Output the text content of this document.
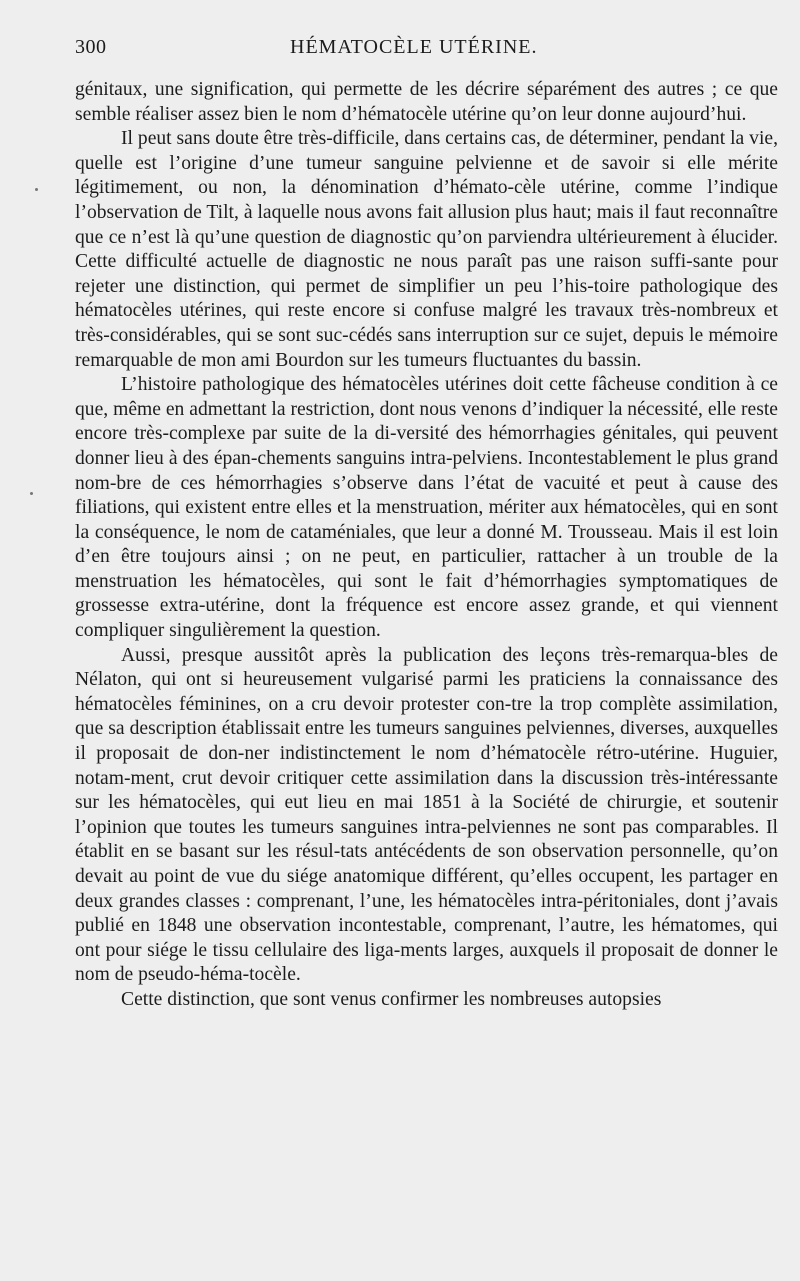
300	HÉMATOCÈLE UTÉRINE.

génitaux, une signification, qui permette de les décrire séparément des autres ; ce que semble réaliser assez bien le nom d’hématocèle utérine qu’on leur donne aujourd’hui.

Il peut sans doute être très-difficile, dans certains cas, de déterminer, pendant la vie, quelle est l’origine d’une tumeur sanguine pelvienne et de savoir si elle mérite légitimement, ou non, la dénomination d’hémato-cèle utérine, comme l’indique l’observation de Tilt, à laquelle nous avons fait allusion plus haut; mais il faut reconnaître que ce n’est là qu’une question de diagnostic qu’on parviendra ultérieurement à élucider. Cette difficulté actuelle de diagnostic ne nous paraît pas une raison suffi-sante pour rejeter une distinction, qui permet de simplifier un peu l’his-toire pathologique des hématocèles utérines, qui reste encore si confuse malgré les travaux très-nombreux et très-considérables, qui se sont suc-cédés sans interruption sur ce sujet, depuis le mémoire remarquable de mon ami Bourdon sur les tumeurs fluctuantes du bassin.

L’histoire pathologique des hématocèles utérines doit cette fâcheuse condition à ce que, même en admettant la restriction, dont nous venons d’indiquer la nécessité, elle reste encore très-complexe par suite de la di-versité des hémorrhagies génitales, qui peuvent donner lieu à des épan-chements sanguins intra-pelviens. Incontestablement le plus grand nom-bre de ces hémorrhagies s’observe dans l’état de vacuité et peut à cause des filiations, qui existent entre elles et la menstruation, mériter aux hématocèles, qui en sont la conséquence, le nom de cataméniales, que leur a donné M. Trousseau. Mais il est loin d’en être toujours ainsi ; on ne peut, en particulier, rattacher à un trouble de la menstruation les hématocèles, qui sont le fait d’hémorrhagies symptomatiques de grossesse extra-utérine, dont la fréquence est encore assez grande, et qui viennent compliquer singulièrement la question.

Aussi, presque aussitôt après la publication des leçons très-remarqua-bles de Nélaton, qui ont si heureusement vulgarisé parmi les praticiens la connaissance des hématocèles féminines, on a cru devoir protester con-tre la trop complète assimilation, que sa description établissait entre les tumeurs sanguines pelviennes, diverses, auxquelles il proposait de don-ner indistinctement le nom d’hématocèle rétro-utérine. Huguier, notam-ment, crut devoir critiquer cette assimilation dans la discussion très-intéressante sur les hématocèles, qui eut lieu en mai 1851 à la Société de chirurgie, et soutenir l’opinion que toutes les tumeurs sanguines intra-pelviennes ne sont pas comparables. Il établit en se basant sur les résul-tats antécédents de son observation personnelle, qu’on devait au point de vue du siége anatomique différent, qu’elles occupent, les partager en deux grandes classes : comprenant, l’une, les hématocèles intra-péritoniales, dont j’avais publié en 1848 une observation incontestable, comprenant, l’autre, les hématomes, qui ont pour siége le tissu cellulaire des liga-ments larges, auxquels il proposait de donner le nom de pseudo-héma-tocèle.

Cette distinction, que sont venus confirmer les nombreuses autopsies
